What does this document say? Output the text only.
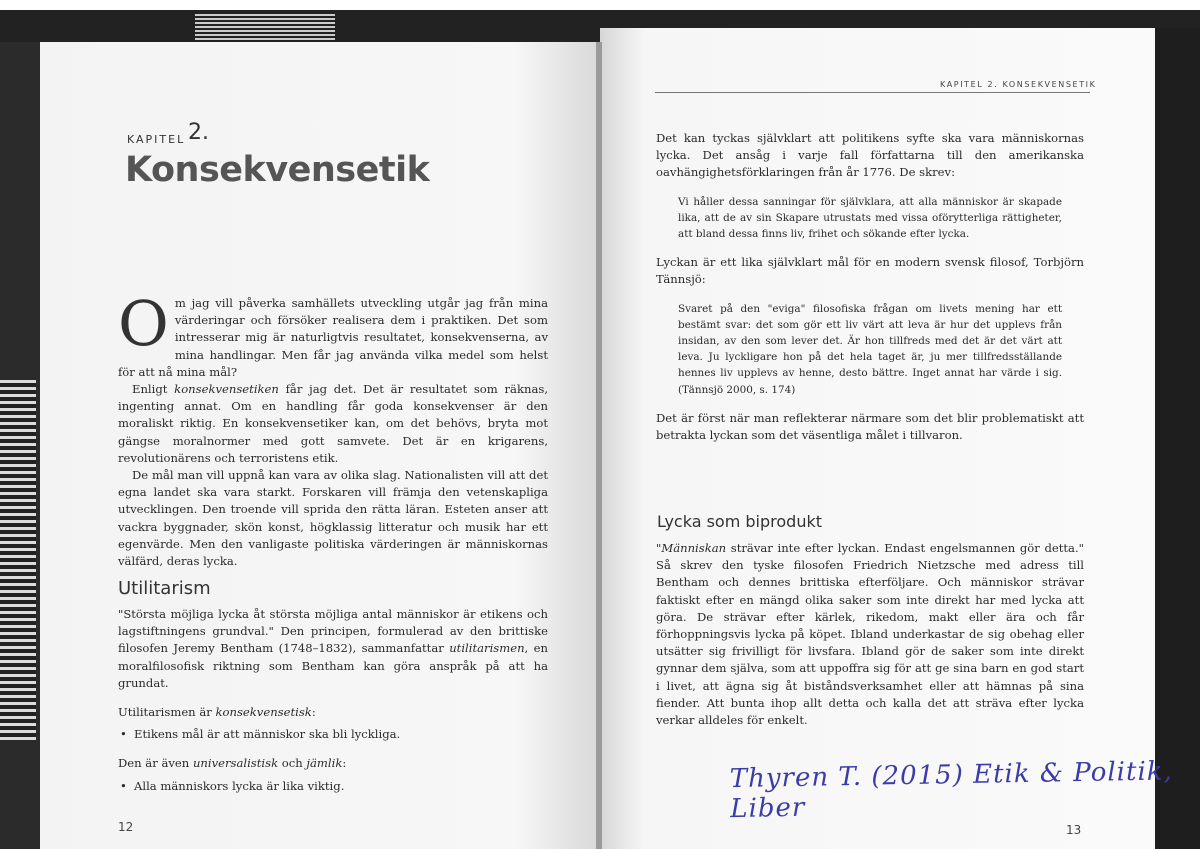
KAPITEL 2.
Konsekvensetik

Om jag vill påverka samhällets utveckling utgår jag från mina värderingar och försöker realisera dem i praktiken. Det som intresserar mig är naturligtvis resultatet, konsekvenserna, av mina handlingar. Men får jag använda vilka medel som helst för att nå mina mål?

Enligt konsekvensetiken får jag det. Det är resultatet som räknas, ingenting annat. Om en handling får goda konsekvenser är den moraliskt riktig. En konsekvensetiker kan, om det behövs, bryta mot gängse moralnormer med gott samvete. Det är en krigarens, revolutionärens och terroristens etik.

De mål man vill uppnå kan vara av olika slag. Nationalisten vill att det egna landet ska vara starkt. Forskaren vill främja den vetenskapliga utvecklingen. Den troende vill sprida den rätta läran. Esteten anser att vackra byggnader, skön konst, högklassig litteratur och musik har ett egenvärde. Men den vanligaste politiska värderingen är människornas välfärd, deras lycka.

Utilitarism

"Största möjliga lycka åt största möjliga antal människor är etikens och lagstiftningens grundval." Den principen, formulerad av den brittiske filosofen Jeremy Bentham (1748–1832), sammanfattar utilitarismen, en moralfilosofisk riktning som Bentham kan göra anspråk på att ha grundat.

Utilitarismen är konsekvensetisk:

• Etikens mål är att människor ska bli lyckliga.

Den är även universalistisk och jämlik:

• Alla människors lycka är lika viktig.
12
KAPITEL 2. KONSEKVENSETIK

Det kan tyckas självklart att politikens syfte ska vara människornas lycka. Det ansåg i varje fall författarna till den amerikanska oavhängighetsförklaringen från år 1776. De skrev:

Vi håller dessa sanningar för självklara, att alla människor är skapade lika, att de av sin Skapare utrustats med vissa oförytterliga rättigheter, att bland dessa finns liv, frihet och sökande efter lycka.

Lyckan är ett lika självklart mål för en modern svensk filosof, Torbjörn Tännsjö:

Svaret på den "eviga" filosofiska frågan om livets mening har ett bestämt svar: det som gör ett liv värt att leva är hur det upplevs från insidan, av den som lever det. Är hon tillfreds med det är det värt att leva. Ju lyckligare hon på det hela taget är, ju mer tillfredsställande hennes liv upplevs av henne, desto bättre. Inget annat har värde i sig. (Tännsjö 2000, s. 174)

Det är först när man reflekterar närmare som det blir problematiskt att betrakta lyckan som det väsentliga målet i tillvaron.

Lycka som biprodukt

"Människan strävar inte efter lyckan. Endast engelsmannen gör detta." Så skrev den tyske filosofen Friedrich Nietzsche med adress till Bentham och dennes brittiska efterföljare. Och människor strävar faktiskt efter en mängd olika saker som inte direkt har med lycka att göra. De strävar efter kärlek, rikedom, makt eller ära och får förhoppningsvis lycka på köpet. Ibland underkastar de sig obehag eller utsätter sig frivilligt för livsfara. Ibland gör de saker som inte direkt gynnar dem själva, som att uppoffra sig för att ge sina barn en god start i livet, att ägna sig åt biståndsverksamhet eller att hämnas på sina fiender. Att bunta ihop allt detta och kalla det att sträva efter lycka verkar alldeles för enkelt.

Thyren T. (2015) Etik & Politik, Liber
13
